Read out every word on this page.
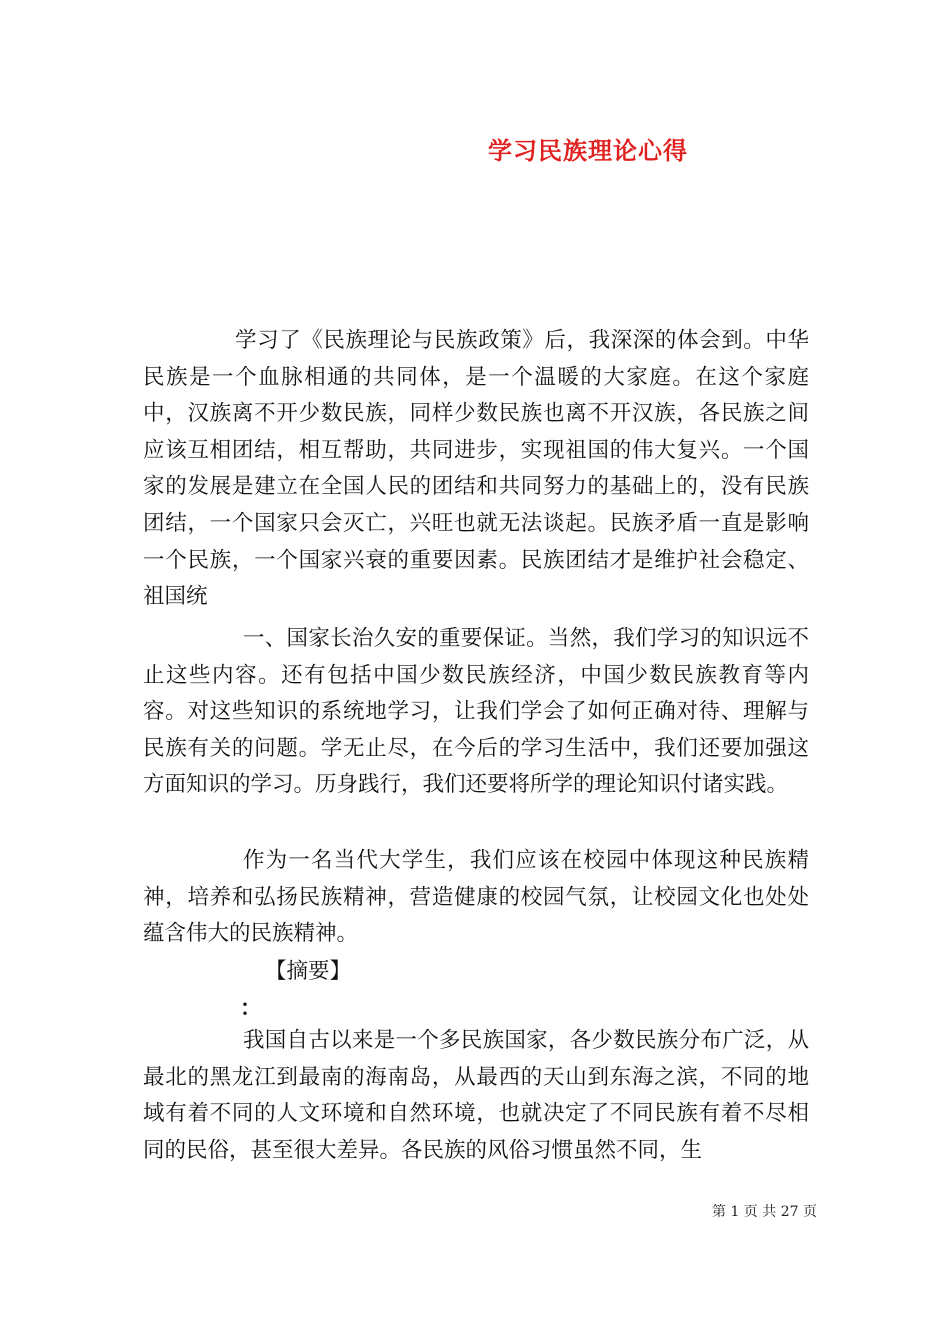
学习民族理论心得

学习了《民族理论与民族政策》后，我深深的体会到。中华民族是一个血脉相通的共同体，是一个温暖的大家庭。在这个家庭中，汉族离不开少数民族，同样少数民族也离不开汉族，各民族之间应该互相团结，相互帮助，共同进步，实现祖国的伟大复兴。一个国家的发展是建立在全国人民的团结和共同努力的基础上的，没有民族团结，一个国家只会灭亡，兴旺也就无法谈起。民族矛盾一直是影响一个民族，一个国家兴衰的重要因素。民族团结才是维护社会稳定、祖国统

一、国家长治久安的重要保证。当然，我们学习的知识远不止这些内容。还有包括中国少数民族经济，中国少数民族教育等内容。对这些知识的系统地学习，让我们学会了如何正确对待、理解与民族有关的问题。学无止尽，在今后的学习生活中，我们还要加强这方面知识的学习。历身践行，我们还要将所学的理论知识付诸实践。

作为一名当代大学生，我们应该在校园中体现这种民族精神，培养和弘扬民族精神，营造健康的校园气氛，让校园文化也处处蕴含伟大的民族精神。

【摘要】
：

我国自古以来是一个多民族国家，各少数民族分布广泛，从最北的黑龙江到最南的海南岛，从最西的天山到东海之滨，不同的地域有着不同的人文环境和自然环境，也就决定了不同民族有着不尽相同的民俗，甚至很大差异。各民族的风俗习惯虽然不同，生

第 1 页 共 27 页
